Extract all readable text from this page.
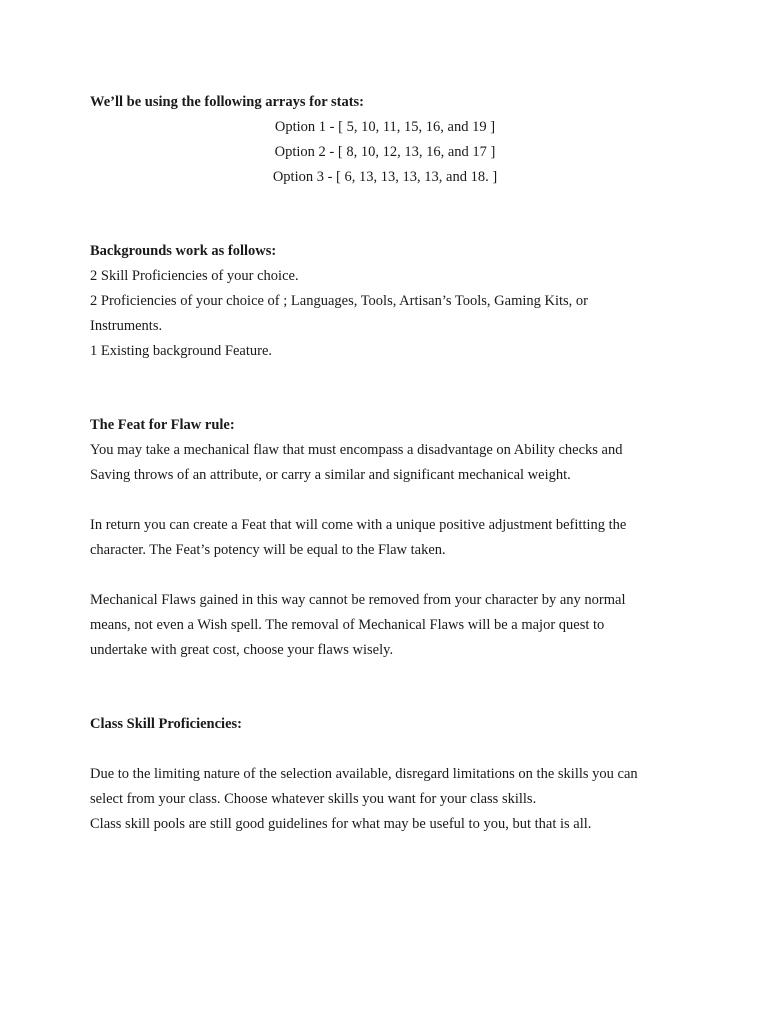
We’ll be using the following arrays for stats:
Option 1 - [ 5, 10, 11, 15, 16, and 19 ]
Option 2 - [ 8, 10, 12, 13, 16, and 17 ]
Option 3 - [ 6, 13, 13, 13, 13, and 18. ]
Backgrounds work as follows:
2 Skill Proficiencies of your choice.
2 Proficiencies of your choice of ; Languages, Tools, Artisan’s Tools, Gaming Kits, or
Instruments.
1 Existing background Feature.
The Feat for Flaw rule:
You may take a mechanical flaw that must encompass a disadvantage on Ability checks and
Saving throws of an attribute, or carry a similar and significant mechanical weight.
In return you can create a Feat that will come with a unique positive adjustment befitting the
character. The Feat’s potency will be equal to the Flaw taken.
Mechanical Flaws gained in this way cannot be removed from your character by any normal
means, not even a Wish spell. The removal of Mechanical Flaws will be a major quest to
undertake with great cost, choose your flaws wisely.
Class Skill Proficiencies:
Due to the limiting nature of the selection available, disregard limitations on the skills you can
select from your class. Choose whatever skills you want for your class skills.
Class skill pools are still good guidelines for what may be useful to you, but that is all.
